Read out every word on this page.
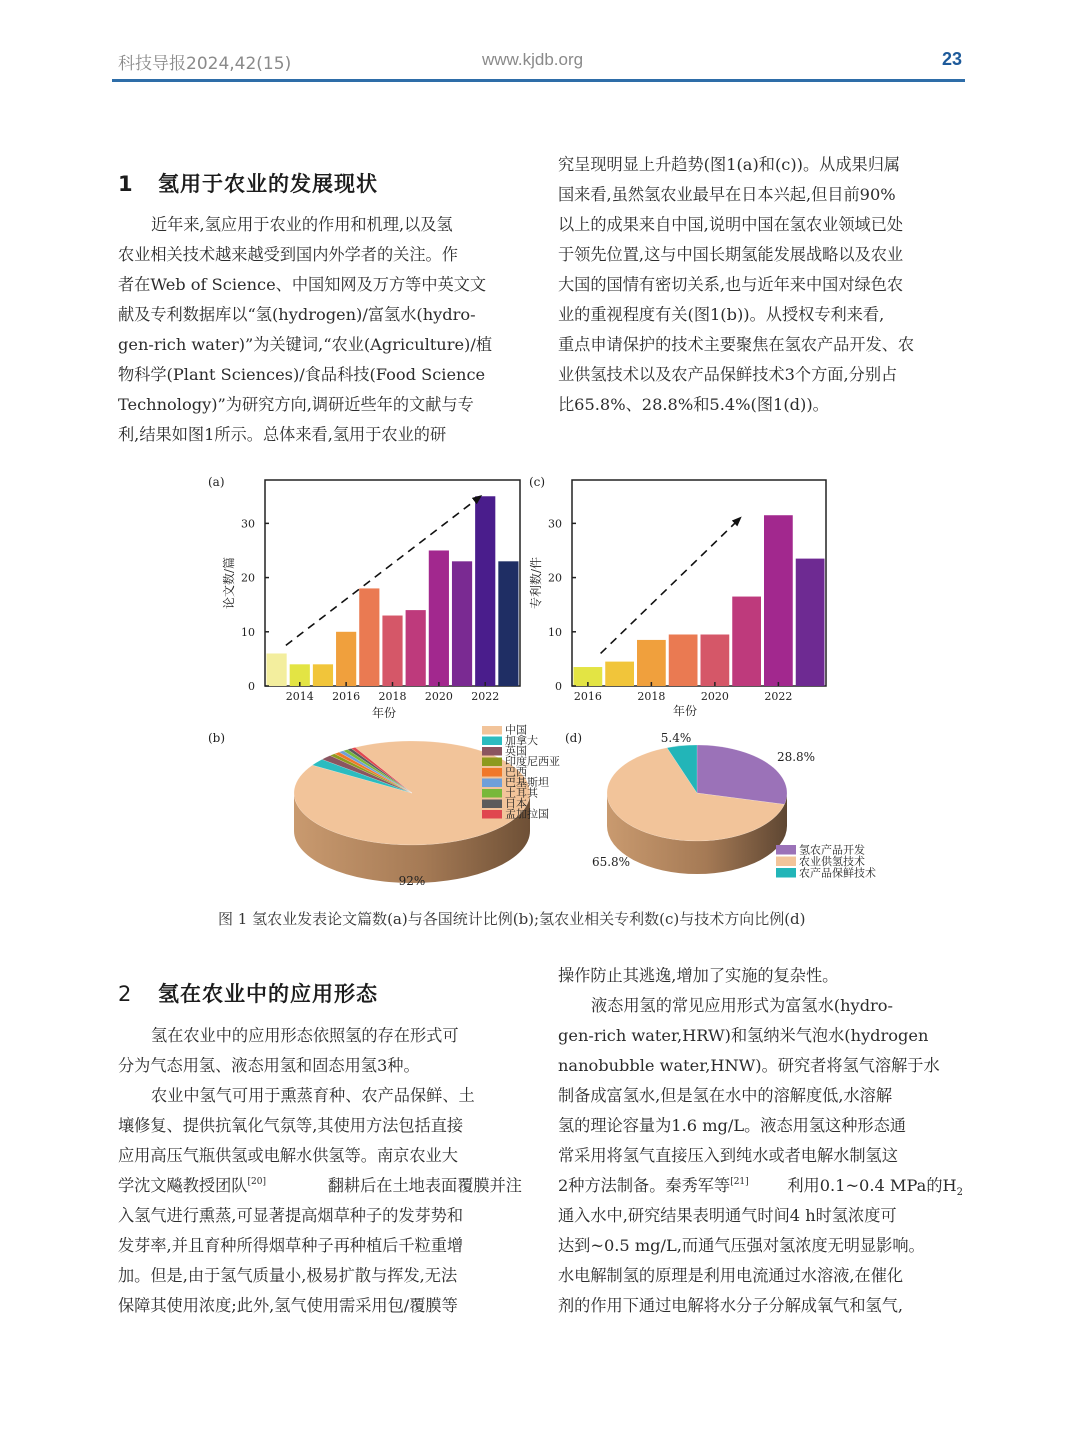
科技导报2024,42(15)	www.kjdb.org	23
1 氢用于农业的发展现状
近年来,氢应用于农业的作用和机理,以及氢
农业相关技术越来越受到国内外学者的关注。作
者在Web of Science、中国知网及万方等中英文文
献及专利数据库以“氢(hydrogen)/富氢水(hydro-
gen-rich water)”为关键词,“农业(Agriculture)/植
物科学(Plant Sciences)/食品科技(Food Science
Technology)”为研究方向,调研近些年的文献与专
利,结果如图1所示。总体来看,氢用于农业的研
究呈现明显上升趋势(图1(a)和(c))。从成果归属
国来看,虽然氢农业最早在日本兴起,但目前90%
以上的成果来自中国,说明中国在氢农业领域已处
于领先位置,这与中国长期氢能发展战略以及农业
大国的国情有密切关系,也与近年来中国对绿色农
业的重视程度有关(图1(b))。从授权专利来看,
重点申请保护的技术主要聚焦在氢农产品开发、农
业供氢技术以及农产品保鲜技术3个方面,分别占
比65.8%、28.8%和5.4%(图1(d))。
(a)
0
10
20
30
2014 2016 2018 2020 2022
年份
论文数/篇
(c)
0
10
20
30
2016	2018	2020	2022
年份
专利数/件
(b)
92%
中国
加拿大
英国
印度尼西亚
巴西
巴基斯坦
土耳其
日本
孟加拉国
(d)
28.8%
65.8%
5.4%
氢农产品开发
农业供氢技术
农产品保鲜技术
图 1 氢农业发表论文篇数(a)与各国统计比例(b);氢农业相关专利数(c)与技术方向比例(d)
2 氢在农业中的应用形态
氢在农业中的应用形态依照氢的存在形式可
分为气态用氢、液态用氢和固态用氢3种。
农业中氢气可用于熏蒸育种、农产品保鲜、土
壤修复、提供抗氧化气氛等,其使用方法包括直接
应用高压气瓶供氢或电解水供氢等。南京农业大
学沈文飚教授团队[20]	翻耕后在土地表面覆膜并注
入氢气进行熏蒸,可显著提高烟草种子的发芽势和
发芽率,并且育种所得烟草种子再种植后千粒重增
加。但是,由于氢气质量小,极易扩散与挥发,无法
保障其使用浓度;此外,氢气使用需采用包/覆膜等
操作防止其逃逸,增加了实施的复杂性。
液态用氢的常见应用形式为富氢水(hydro-
gen-rich water,HRW)和氢纳米气泡水(hydrogen
nanobubble water,HNW)。研究者将氢气溶解于水
制备成富氢水,但是氢在水中的溶解度低,水溶解
氢的理论容量为1.6 mg/L。液态用氢这种形态通
常采用将氢气直接压入到纯水或者电解水制氢这
2种方法制备。秦秀军等[21] 利用0.1~0.4 MPa的$H_2$
通入水中,研究结果表明通气时间4 h时氢浓度可
达到~0.5 mg/L,而通气压强对氢浓度无明显影响。
水电解制氢的原理是利用电流通过水溶液,在催化
剂的作用下通过电解将水分子分解成氧气和氢气,
